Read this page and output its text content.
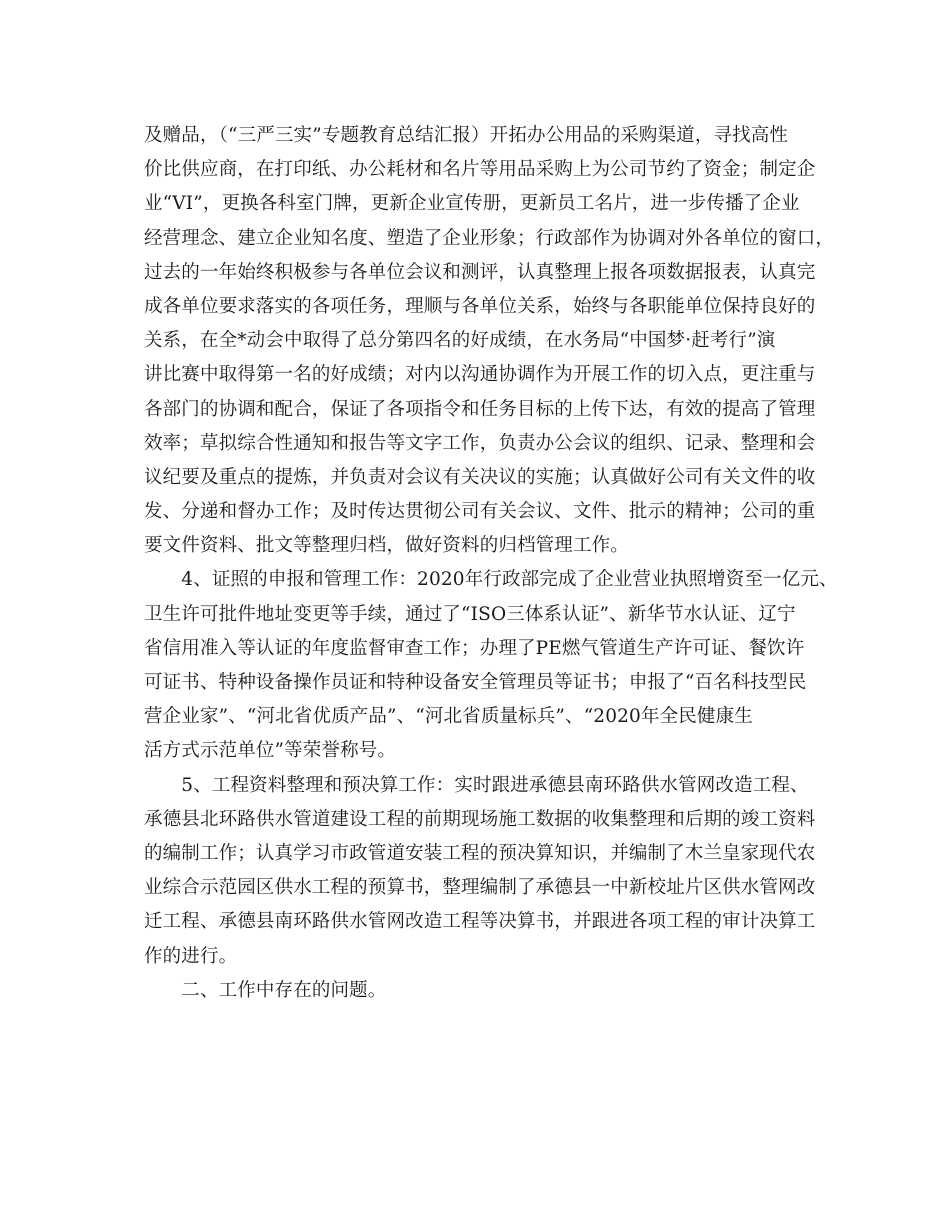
及赠品，（“三严三实”专题教育总结汇报）开拓办公用品的采购渠道，寻找高性
价比供应商，在打印纸、办公耗材和名片等用品采购上为公司节约了资金；制定企
业“VI”，更换各科室门牌，更新企业宣传册，更新员工名片，进一步传播了企业
经营理念、建立企业知名度、塑造了企业形象；行政部作为协调对外各单位的窗口，
过去的一年始终积极参与各单位会议和测评，认真整理上报各项数据报表，认真完
成各单位要求落实的各项任务，理顺与各单位关系，始终与各职能单位保持良好的
关系，在全*动会中取得了总分第四名的好成绩，在水务局“中国梦·赶考行”演
讲比赛中取得第一名的好成绩；对内以沟通协调作为开展工作的切入点，更注重与
各部门的协调和配合，保证了各项指令和任务目标的上传下达，有效的提高了管理
效率；草拟综合性通知和报告等文字工作，负责办公会议的组织、记录、整理和会
议纪要及重点的提炼，并负责对会议有关决议的实施；认真做好公司有关文件的收
发、分递和督办工作；及时传达贯彻公司有关会议、文件、批示的精神；公司的重
要文件资料、批文等整理归档，做好资料的归档管理工作。
　　4、证照的申报和管理工作：2020年行政部完成了企业营业执照增资至一亿元、
卫生许可批件地址变更等手续，通过了“ISO三体系认证”、新华节水认证、辽宁
省信用准入等认证的年度监督审查工作；办理了PE燃气管道生产许可证、餐饮许
可证书、特种设备操作员证和特种设备安全管理员等证书；申报了“百名科技型民
营企业家”、“河北省优质产品”、“河北省质量标兵”、“2020年全民健康生
活方式示范单位”等荣誉称号。
　　5、工程资料整理和预决算工作：实时跟进承德县南环路供水管网改造工程、
承德县北环路供水管道建设工程的前期现场施工数据的收集整理和后期的竣工资料
的编制工作；认真学习市政管道安装工程的预决算知识，并编制了木兰皇家现代农
业综合示范园区供水工程的预算书，整理编制了承德县一中新校址片区供水管网改
迁工程、承德县南环路供水管网改造工程等决算书，并跟进各项工程的审计决算工
作的进行。
　　二、工作中存在的问题。
